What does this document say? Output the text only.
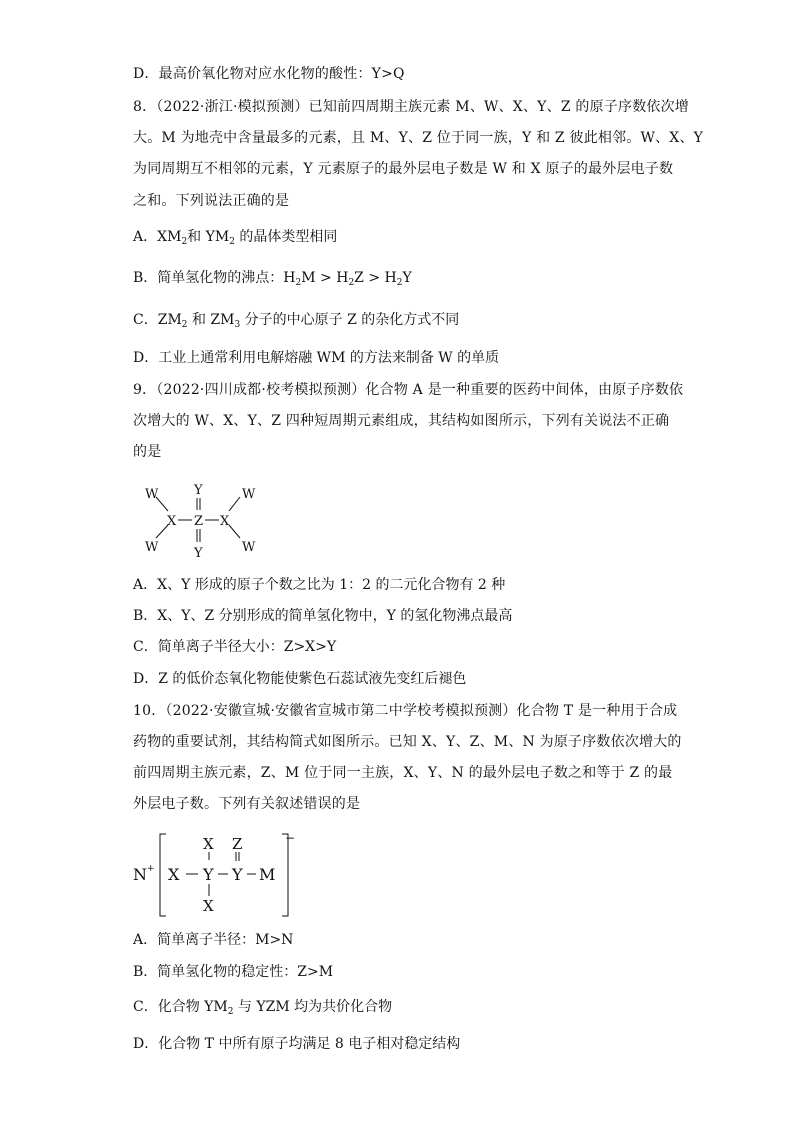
D．最高价氧化物对应水化物的酸性：Y>Q
8．（2022·浙江·模拟预测）已知前四周期主族元素 M、W、X、Y、Z 的原子序数依次增
大。M 为地壳中含量最多的元素，且 M、Y、Z 位于同一族，Y 和 Z 彼此相邻。W、X、Y
为同周期互不相邻的元素，Y 元素原子的最外层电子数是 W 和 X 原子的最外层电子数
之和。下列说法正确的是
A．$XM_2$和 $YM_2$ 的晶体类型相同
B．简单氢化物的沸点：$H_2M > H_2Z > H_2Y$
C．$ZM_2$ 和 $ZM_3$ 分子的中心原子 Z 的杂化方式不同
D．工业上通常利用电解熔融 WM 的方法来制备 W 的单质
9．（2022·四川成都·校考模拟预测）化合物 A 是一种重要的医药中间体，由原子序数依
次增大的 W、X、Y、Z 四种短周期元素组成，其结构如图所示，下列有关说法不正确
的是
W
W
W
W
X	X
Y
Y
Z
A．X、Y 形成的原子个数之比为 1：2 的二元化合物有 2 种
B．X、Y、Z 分别形成的简单氢化物中，Y 的氢化物沸点最高
C．简单离子半径大小：Z>X>Y
D．Z 的低价态氧化物能使紫色石蕊试液先变红后褪色
10．（2022·安徽宣城·安徽省宣城市第二中学校考模拟预测）化合物 T 是一种用于合成
药物的重要试剂，其结构简式如图所示。已知 X、Y、Z、M、N 为原子序数依次增大的
前四周期主族元素，Z、M 位于同一主族，X、Y、N 的最外层电子数之和等于 Z 的最
外层电子数。下列有关叙述错误的是
N + X Y Y M
X
X
Z	−
A．简单离子半径：M>N
B．简单氢化物的稳定性：Z>M
C．化合物 $YM_2$ 与 YZM 均为共价化合物
D．化合物 T 中所有原子均满足 8 电子相对稳定结构
